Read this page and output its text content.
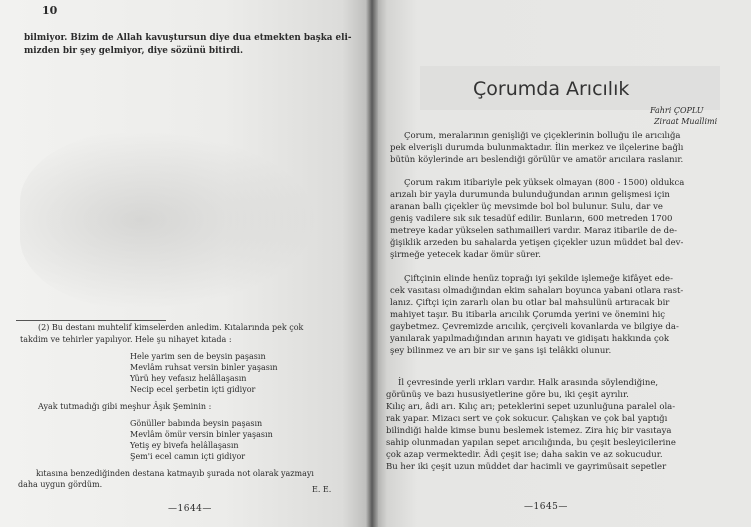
10
bilmiyor. Bizim de Allah kavuştursun diye dua etmekten başka eli-
mizden bir şey gelmiyor, diye sözünü bitirdi.
(2) Bu destanı muhtelif kimselerden anledim. Kıtalarında pek çok
takdim ve tehirler yapılıyor. Hele şu nihayet kıtada :
Hele yarim sen de beysin paşasın
Mevlâm ruhsat versin binler yaşasın
Yürü hey vefasız helâllaşasın
Necip ecel şerbetin içti gidiyor
Ayak tutmadığı gibi meşhur Âşık Şeminin :
Gönüller babında beysin paşasın
Mevlâm ömür versin binler yaşasın
Yetiş ey bivefa helâllaşasın
Şem'i ecel camın içti gidiyor
kıtasına benzediğinden destana katmayıb şurada not olarak yazmayı
daha uygun gördüm.
E. E.
—1644—
Çorumda Arıcılık
Fahri ÇOPLU
Ziraat Muallimi
Çorum, meralarının genişliği ve çiçeklerinin bolluğu ile arıcılığa
pek elverişli durumda bulunmaktadır. İlin merkez ve ilçelerine bağlı
bütün köylerinde arı beslendiği görülür ve amatör arıcılara raslanır.
Çorum rakım itibariyle pek yüksek olmayan (800 - 1500) oldukca
arızalı bir yayla durumunda bulunduğundan arının gelişmesi için
aranan ballı çiçekler üç mevsimde bol bol bulunur. Sulu, dar ve
geniş vadilere sık sık tesadüf edilir. Bunların, 600 metreden 1700
metreye kadar yükselen sathımailleri vardır. Maraz itibarile de de-
ğişiklik arzeden bu sahalarda yetişen çiçekler uzun müddet bal dev-
şirmeğe yetecek kadar ömür sürer.
Çiftçinin elinde henüz toprağı iyi şekilde işlemeğe kifâyet ede-
cek vasıtası olmadığından ekim sahaları boyunca yabani otlara rast-
lanız. Çiftçi için zararlı olan bu otlar bal mahsulünü artıracak bir
mahiyet taşır. Bu itibarla arıcılık Çorumda yerini ve önemini hiç
gaybetmez. Çevremizde arıcılık, çerçiveli kovanlarda ve bilgiye da-
yanılarak yapılmadığından arının hayatı ve gidişatı hakkında çok
şey bilinmez ve arı bir sır ve şans işi telâkki olunur.
İl çevresinde yerli ırkları vardır. Halk arasında söylendiğine,
görünüş ve bazı hususiyetlerine göre bu, iki çeşit ayrılır.
Kılıç arı, âdi arı. Kılıç arı; peteklerini sepet uzunluğuna paralel ola-
rak yapar. Mizacı sert ve çok sokucur. Çalışkan ve çok bal yaptığı
bilindiği halde kimse bunu beslemek istemez. Zira hiç bir vasıtaya
sahip olunmadan yapılan sepet arıcılığında, bu çeşit besleyicilerine
çok azap vermektedir. Âdi çeşit ise; daha sakin ve az sokucudur.
Bu her iki çeşit uzun müddet dar hacimli ve gayrimüsait sepetler
—1645—
